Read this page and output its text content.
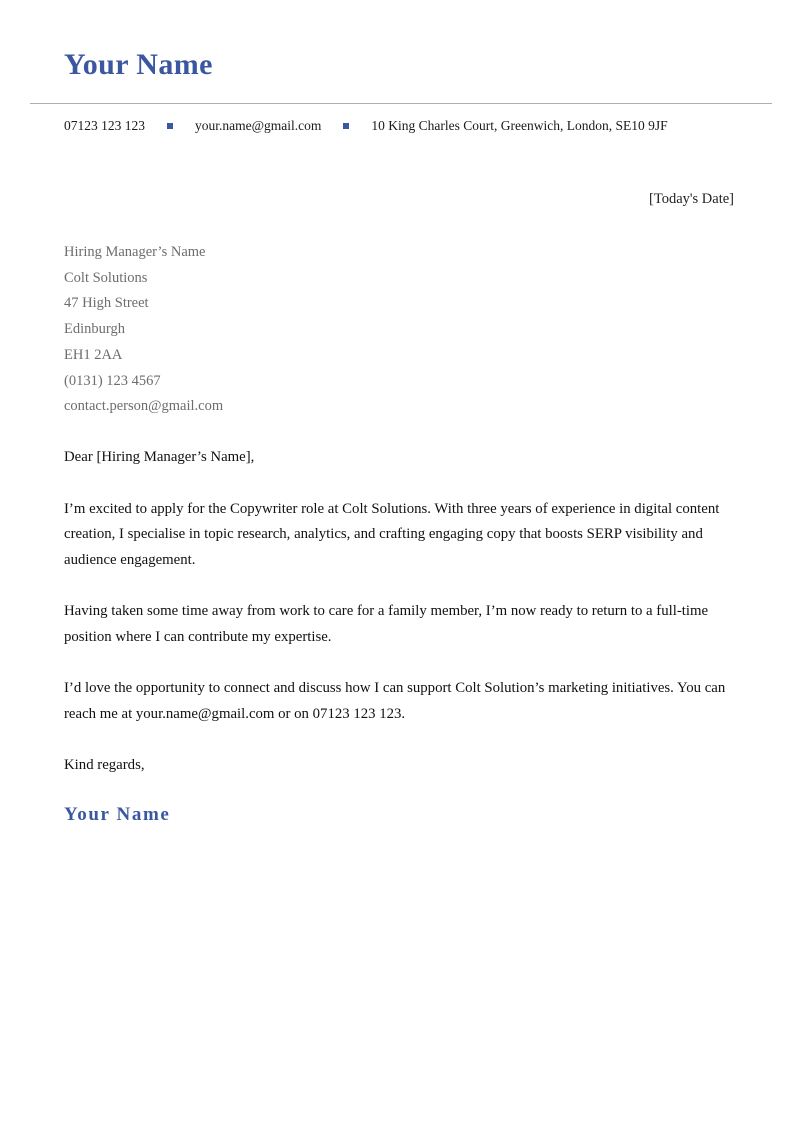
Your Name
07123 123 123	your.name@gmail.com	10 King Charles Court, Greenwich, London, SE10 9JF
[Today's Date]
Hiring Manager’s Name
Colt Solutions
47 High Street
Edinburgh
EH1 2AA
(0131) 123 4567
contact.person@gmail.com

Dear [Hiring Manager’s Name],

I’m excited to apply for the Copywriter role at Colt Solutions. With three years of experience in digital content creation, I specialise in topic research, analytics, and crafting engaging copy that boosts SERP visibility and audience engagement.

Having taken some time away from work to care for a family member, I’m now ready to return to a full-time position where I can contribute my expertise.

I’d love the opportunity to connect and discuss how I can support Colt Solution’s marketing initiatives. You can reach me at your.name@gmail.com or on 07123 123 123.

Kind regards,

Your Name
